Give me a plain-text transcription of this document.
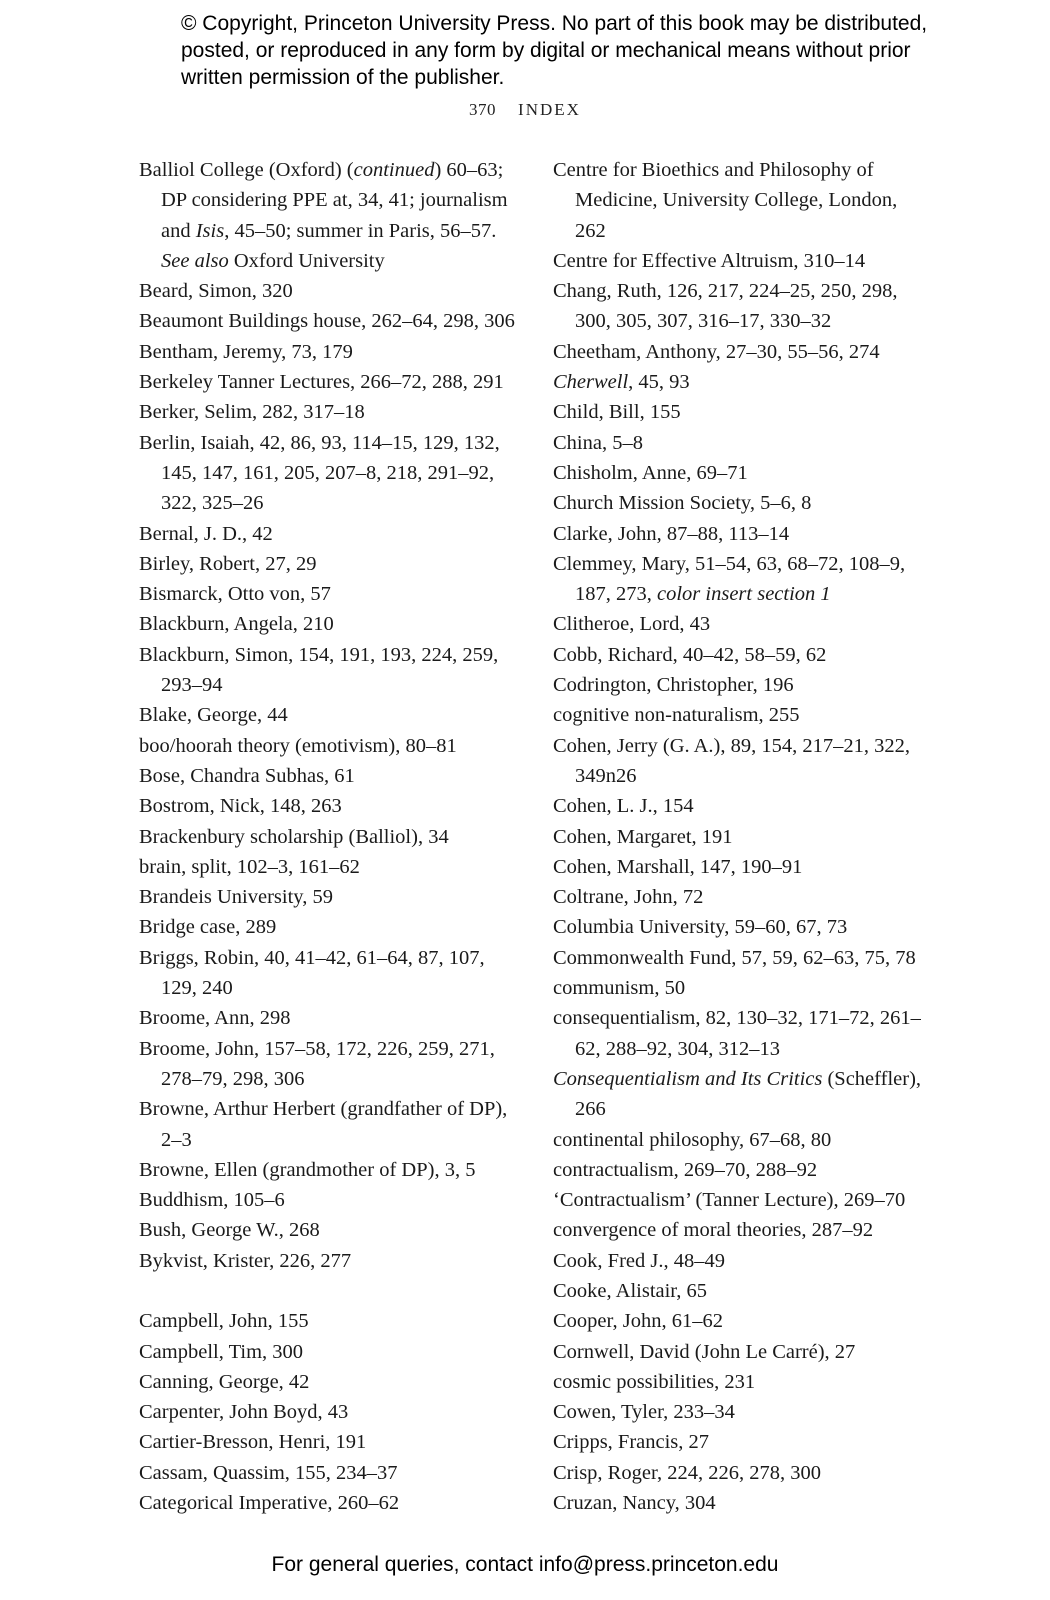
© Copyright, Princeton University Press. No part of this book may be distributed, posted, or reproduced in any form by digital or mechanical means without prior written permission of the publisher.
370 INDEX

Balliol College (Oxford) (continued) 60–63; DP considering PPE at, 34, 41; journalism and Isis, 45–50; summer in Paris, 56–57. See also Oxford University

Beard, Simon, 320

Beaumont Buildings house, 262–64, 298, 306

Bentham, Jeremy, 73, 179

Berkeley Tanner Lectures, 266–72, 288, 291

Berker, Selim, 282, 317–18

Berlin, Isaiah, 42, 86, 93, 114–15, 129, 132, 145, 147, 161, 205, 207–8, 218, 291–92, 322, 325–26

Bernal, J. D., 42

Birley, Robert, 27, 29

Bismarck, Otto von, 57

Blackburn, Angela, 210

Blackburn, Simon, 154, 191, 193, 224, 259, 293–94

Blake, George, 44

boo/hoorah theory (emotivism), 80–81

Bose, Chandra Subhas, 61

Bostrom, Nick, 148, 263

Brackenbury scholarship (Balliol), 34

brain, split, 102–3, 161–62

Brandeis University, 59

Bridge case, 289

Briggs, Robin, 40, 41–42, 61–64, 87, 107, 129, 240

Broome, Ann, 298

Broome, John, 157–58, 172, 226, 259, 271, 278–79, 298, 306

Browne, Arthur Herbert (grandfather of DP), 2–3

Browne, Ellen (grandmother of DP), 3, 5

Buddhism, 105–6

Bush, George W., 268

Bykvist, Krister, 226, 277

Campbell, John, 155

Campbell, Tim, 300

Canning, George, 42

Carpenter, John Boyd, 43

Cartier-Bresson, Henri, 191

Cassam, Quassim, 155, 234–37

Categorical Imperative, 260–62

Centre for Bioethics and Philosophy of Medicine, University College, London, 262

Centre for Effective Altruism, 310–14

Chang, Ruth, 126, 217, 224–25, 250, 298, 300, 305, 307, 316–17, 330–32

Cheetham, Anthony, 27–30, 55–56, 274

Cherwell, 45, 93

Child, Bill, 155

China, 5–8

Chisholm, Anne, 69–71

Church Mission Society, 5–6, 8

Clarke, John, 87–88, 113–14

Clemmey, Mary, 51–54, 63, 68–72, 108–9, 187, 273, color insert section 1

Clitheroe, Lord, 43

Cobb, Richard, 40–42, 58–59, 62

Codrington, Christopher, 196

cognitive non-naturalism, 255

Cohen, Jerry (G. A.), 89, 154, 217–21, 322, 349n26

Cohen, L. J., 154

Cohen, Margaret, 191

Cohen, Marshall, 147, 190–91

Coltrane, John, 72

Columbia University, 59–60, 67, 73

Commonwealth Fund, 57, 59, 62–63, 75, 78

communism, 50

consequentialism, 82, 130–32, 171–72, 261–62, 288–92, 304, 312–13

Consequentialism and Its Critics (Scheffler), 266

continental philosophy, 67–68, 80

contractualism, 269–70, 288–92

‘Contractualism’ (Tanner Lecture), 269–70

convergence of moral theories, 287–92

Cook, Fred J., 48–49

Cooke, Alistair, 65

Cooper, John, 61–62

Cornwell, David (John Le Carré), 27

cosmic possibilities, 231

Cowen, Tyler, 233–34

Cripps, Francis, 27

Crisp, Roger, 224, 226, 278, 300

Cruzan, Nancy, 304

For general queries, contact info@press.princeton.edu
